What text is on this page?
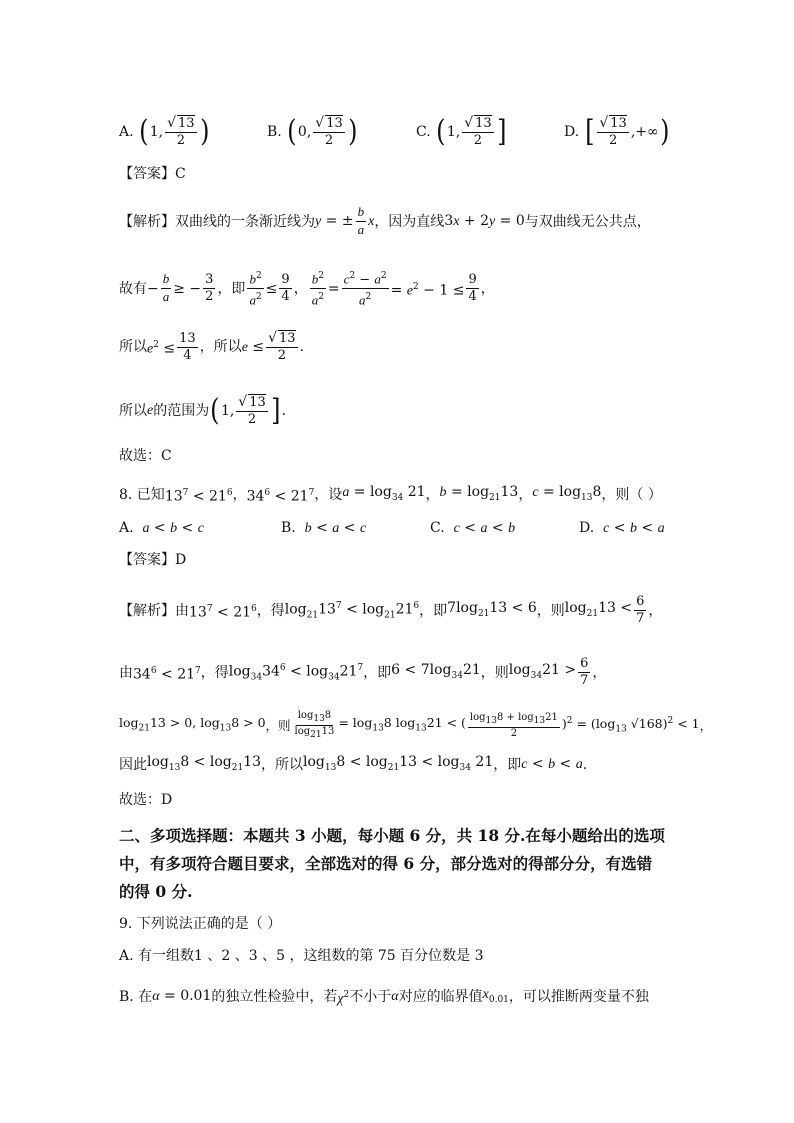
A. (1, $\frac{√ 13}{2}$ )	B. (0, $\frac{√ 13}{2}$ )	C. (1, $\frac{√ 13}{2}$ ]	D. [ $\frac{√ 13}{2}$ ,+∞)
【答案】C
【解析】双曲线的一条渐近线为 y = ± $\frac{b}{a}$ x ，因为直线 3x + 2y = 0 与双曲线无公共点，
故有 − $\frac{b}{a}$ ≥ − $\frac{3}{2}$ ，即 $\frac{b^2}{a^2} \le \frac{9}{4}$ ， $\frac{b^2}{a^2} = \frac{c^2 - a^2}{a^2} = e^2 - 1 \le \frac{9}{4}$ ，
所以 $e^2 \le \frac{13}{4}$ ，所以 $e \le \frac{√ 13}{2}$ .
所以 e 的范围为 ( 1, $\frac{√ 13}{2}$ ] .
故选：C
8. 已知 $13^7 < 21^6$ ， $34^6 < 21^7$ ，设 $a = \log_{34} 21$ ， $b = \log_{21}13$ ， $c = \log_{13}8$ ，则（ ）
A. a < b < c	B. b < a < c	C. c < a < b	D. c < b < a
【答案】D
【解析】由 $13^7 < 21^6$ ，得 $\log_{21}13^7 < \log_{21}21^6$ ，即 $7\log_{21}13 < 6$ ，则 $\log_{21}13 < \frac{6}{7}$ ，
由 $34^6 < 21^7$ ，得 $\log_{34}34^6 < \log_{34}21^7$ ，即 $6 < 7\log_{34}21$ ，则 $\log_{34}21 > \frac{6}{7}$ ，
$\log_{21}13 > 0$, $\log_{13}8 > 0$ ，则 $\frac{\log_{13}8}{\log_{21}13} = \log_{13}8$ $\log_{13}21$ < ( $\frac{\log_{13}8 + \log_{13}21}{2} )^2 = (\log_{13}$ √168)$^2$ < 1 ，
因此 $\log_{13}8 < \log_{21}13$ ，所以 $\log_{13}8 < \log_{21}13 < \log_{34} 21$ ，即 c < b < a .
故选：D
二、多项选择题：本题共 3 小题，每小题 6 分，共 18 分.在每小题给出的选项
中，有多项符合题目要求，全部选对的得 6 分，部分选对的得部分分，有选错
的得 0 分.
9. 下列说法正确的是（ ）
A. 有一组数1 、2 、3 、5 ，这组数的第 75 百分位数是 3
B. 在 α = 0.01 的独立性检验中，若 $\chi^2$ 不小于 α 对应的临界值 $x_{0.01}$ ，可以推断两变量不独
